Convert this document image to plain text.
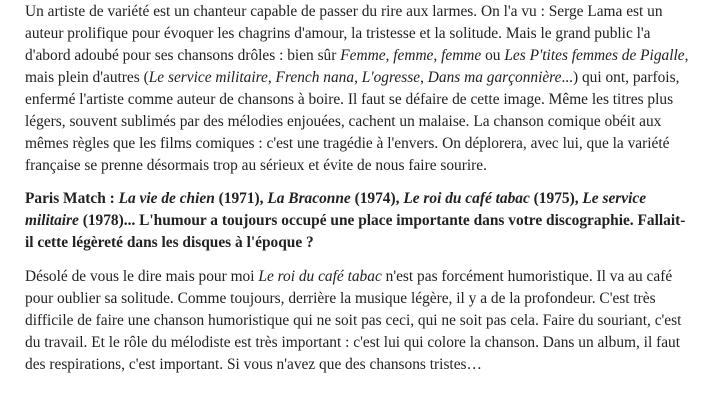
Un artiste de variété est un chanteur capable de passer du rire aux larmes. On l'a vu : Serge Lama est un auteur prolifique pour évoquer les chagrins d'amour, la tristesse et la solitude. Mais le grand public l'a d'abord adoubé pour ses chansons drôles : bien sûr Femme, femme, femme ou Les P'tites femmes de Pigalle, mais plein d'autres (Le service militaire, French nana, L'ogresse, Dans ma garçonnière...) qui ont, parfois, enfermé l'artiste comme auteur de chansons à boire. Il faut se défaire de cette image. Même les titres plus légers, souvent sublimés par des mélodies enjouées, cachent un malaise. La chanson comique obéit aux mêmes règles que les films comiques : c'est une tragédie à l'envers. On déplorera, avec lui, que la variété française se prenne désormais trop au sérieux et évite de nous faire sourire.

Paris Match : La vie de chien (1971), La Braconne (1974), Le roi du café tabac (1975), Le service militaire (1978)... L'humour a toujours occupé une place importante dans votre discographie. Fallait-il cette légèreté dans les disques à l'époque ?

Désolé de vous le dire mais pour moi Le roi du café tabac n'est pas forcément humoristique. Il va au café pour oublier sa solitude. Comme toujours, derrière la musique légère, il y a de la profondeur. C'est très difficile de faire une chanson humoristique qui ne soit pas ceci, qui ne soit pas cela. Faire du souriant, c'est du travail. Et le rôle du mélodiste est très important : c'est lui qui colore la chanson. Dans un album, il faut des respirations, c'est important. Si vous n'avez que des chansons tristes…
